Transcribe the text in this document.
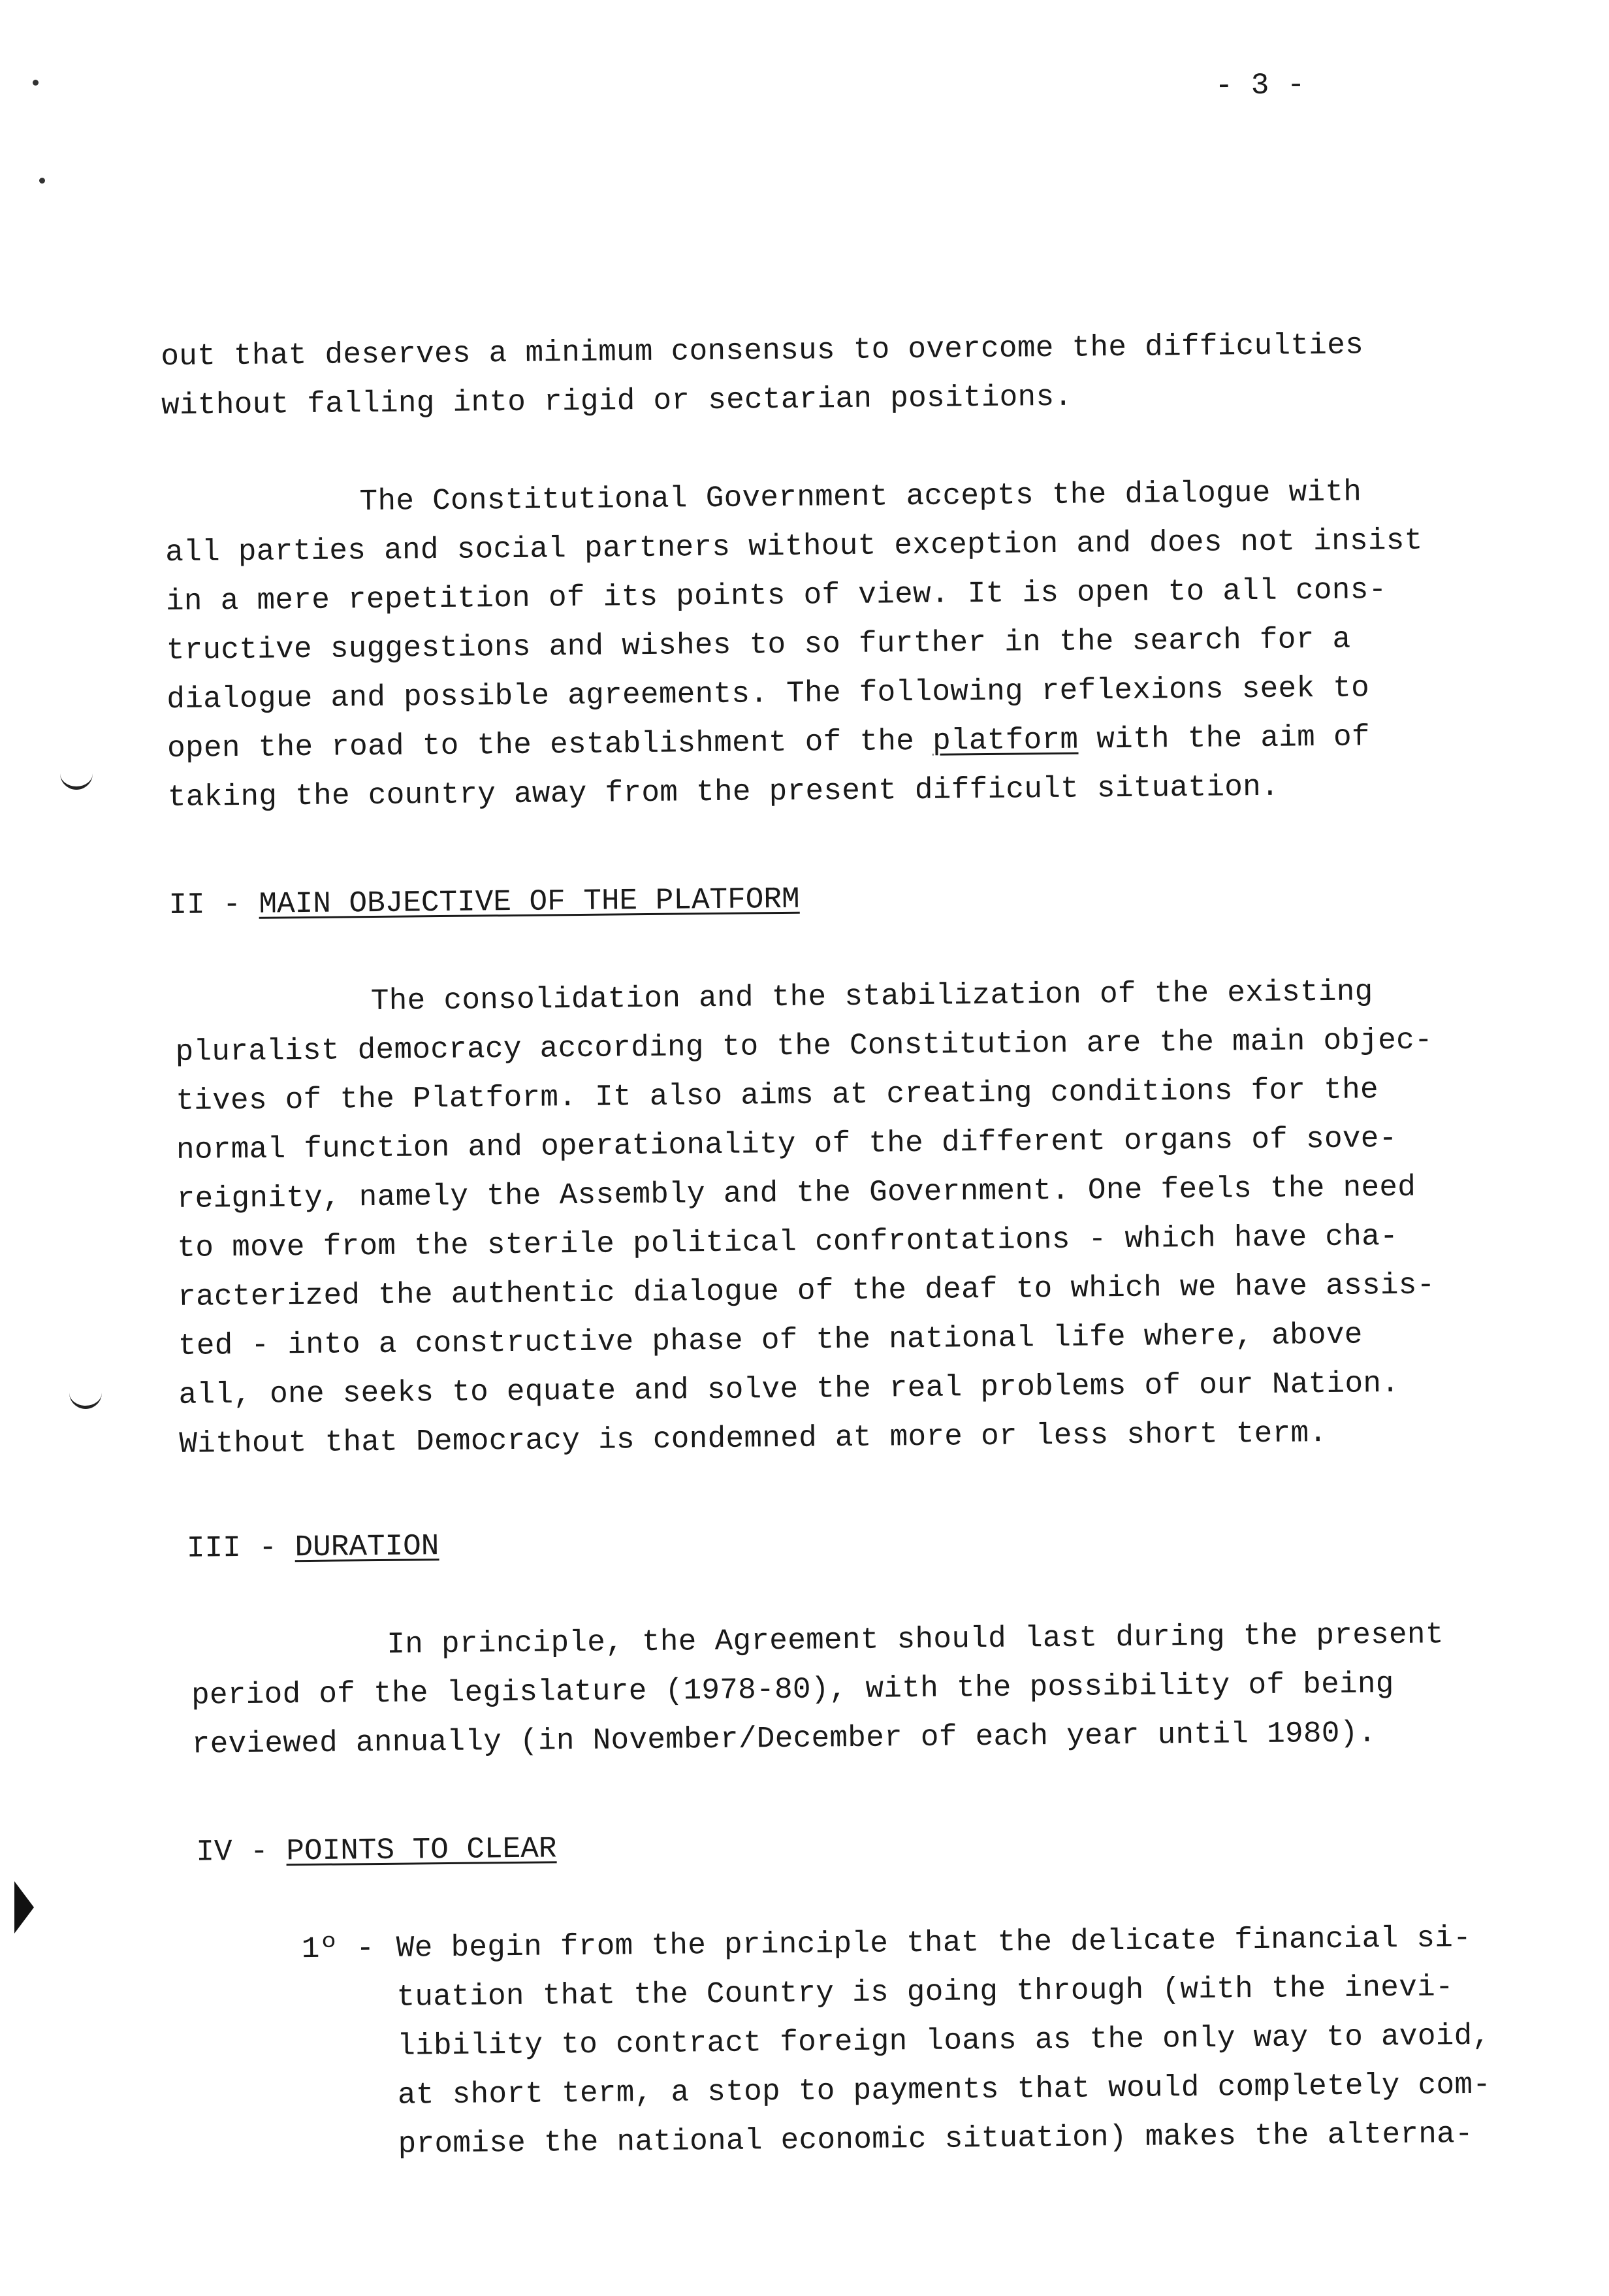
- 3 -
out that deserves a minimum consensus to overcome the difficulties
without falling into rigid or sectarian positions.
The Constitutional Government accepts the dialogue with
all parties and social partners without exception and does not insist
in a mere repetition of its points of view. It is open to all cons-
tructive suggestions and wishes to so further in the search for a
dialogue and possible agreements. The following reflexions seek to
open the road to the establishment of the platform with the aim of
taking the country away from the present difficult situation.
II - MAIN OBJECTIVE OF THE PLATFORM
The consolidation and the stabilization of the existing
pluralist democracy according to the Constitution are the main objec-
tives of the Platform. It also aims at creating conditions for the
normal function and operationality of the different organs of sove-
reignity, namely the Assembly and the Government. One feels the need
to move from the sterile political confrontations - which have cha-
racterized the authentic dialogue of the deaf to which we have assis-
ted - into a constructive phase of the national life where, above
all, one seeks to equate and solve the real problems of our Nation.
Without that Democracy is condemned at more or less short term.
III - DURATION
In principle, the Agreement should last during the present
period of the legislature (1978-80), with the possibility of being
reviewed annually (in November/December of each year until 1980).
IV - POINTS TO CLEAR
1º - We begin from the principle that the delicate financial si-
tuation that the Country is going through (with the inevi-
libility to contract foreign loans as the only way to avoid,
at short term, a stop to payments that would completely com-
promise the national economic situation) makes the alterna-
